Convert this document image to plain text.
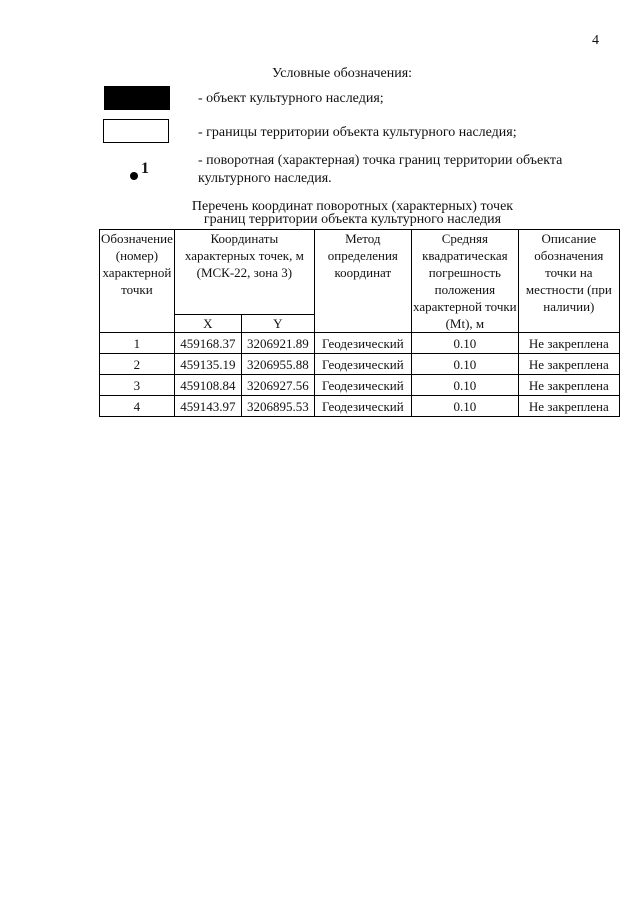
4
Условные обозначения:
- объект культурного наследия;
- границы территории объекта культурного наследия;
1	- поворотная (характерная) точка границ территории объекта культурного наследия.
Перечень координат поворотных (характерных) точек
границ территории объекта культурного наследия
Обозначение (номер) характерной точки	Координаты характерных точек, м (МСК-22, зона 3)		Метод определения координат	Средняя квадратическая погрешность положения характерной точки (Mt), м	Описание обозначения точки на местности (при наличии)
	X	Y			
1	459168.37	3206921.89	Геодезический	0.10	Не закреплена
2	459135.19	3206955.88	Геодезический	0.10	Не закреплена
3	459108.84	3206927.56	Геодезический	0.10	Не закреплена
4	459143.97	3206895.53	Геодезический	0.10	Не закреплена
